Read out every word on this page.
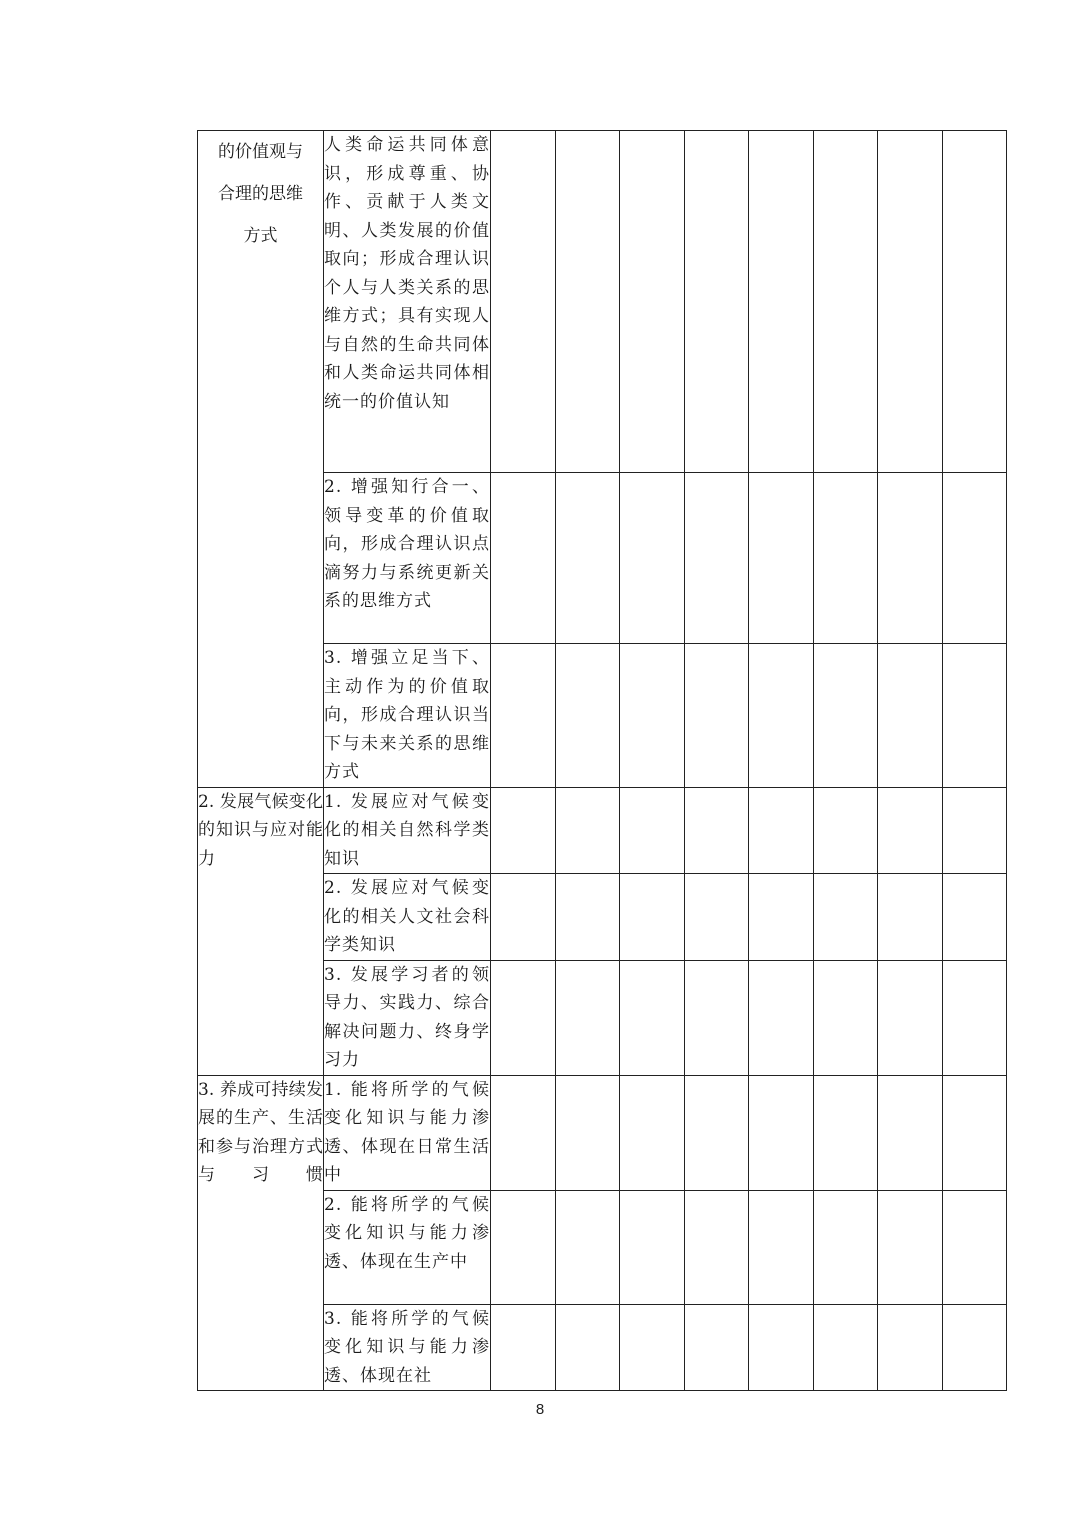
的价值观与
合理的思维
方式	人类命运共同体意识，形成尊重、协作、贡献于人类文明、人类发展的价值取向；形成合理认识个人与人类关系的思维方式；具有实现人与自然的生命共同体和人类命运共同体相统一的价值认知								
	2. 增强知行合一、领导变革的价值取向，形成合理认识点滴努力与系统更新关系的思维方式								
	3. 增强立足当下、主动作为的价值取向，形成合理认识当下与未来关系的思维方式								
2. 发展气候变化的知识与应对能力	1. 发展应对气候变化的相关自然科学类知识								
	2. 发展应对气候变化的相关人文社会科学类知识								
	3. 发展学习者的领导力、实践力、综合解决问题力、终身学习力								
3. 养成可持续发展的生产、生活和参与治理方式与习惯	1. 能将所学的气候变化知识与能力渗透、体现在日常生活中								
	2. 能将所学的气候变化知识与能力渗透、体现在生产中								
	3. 能将所学的气候变化知识与能力渗透、体现在社								
8
